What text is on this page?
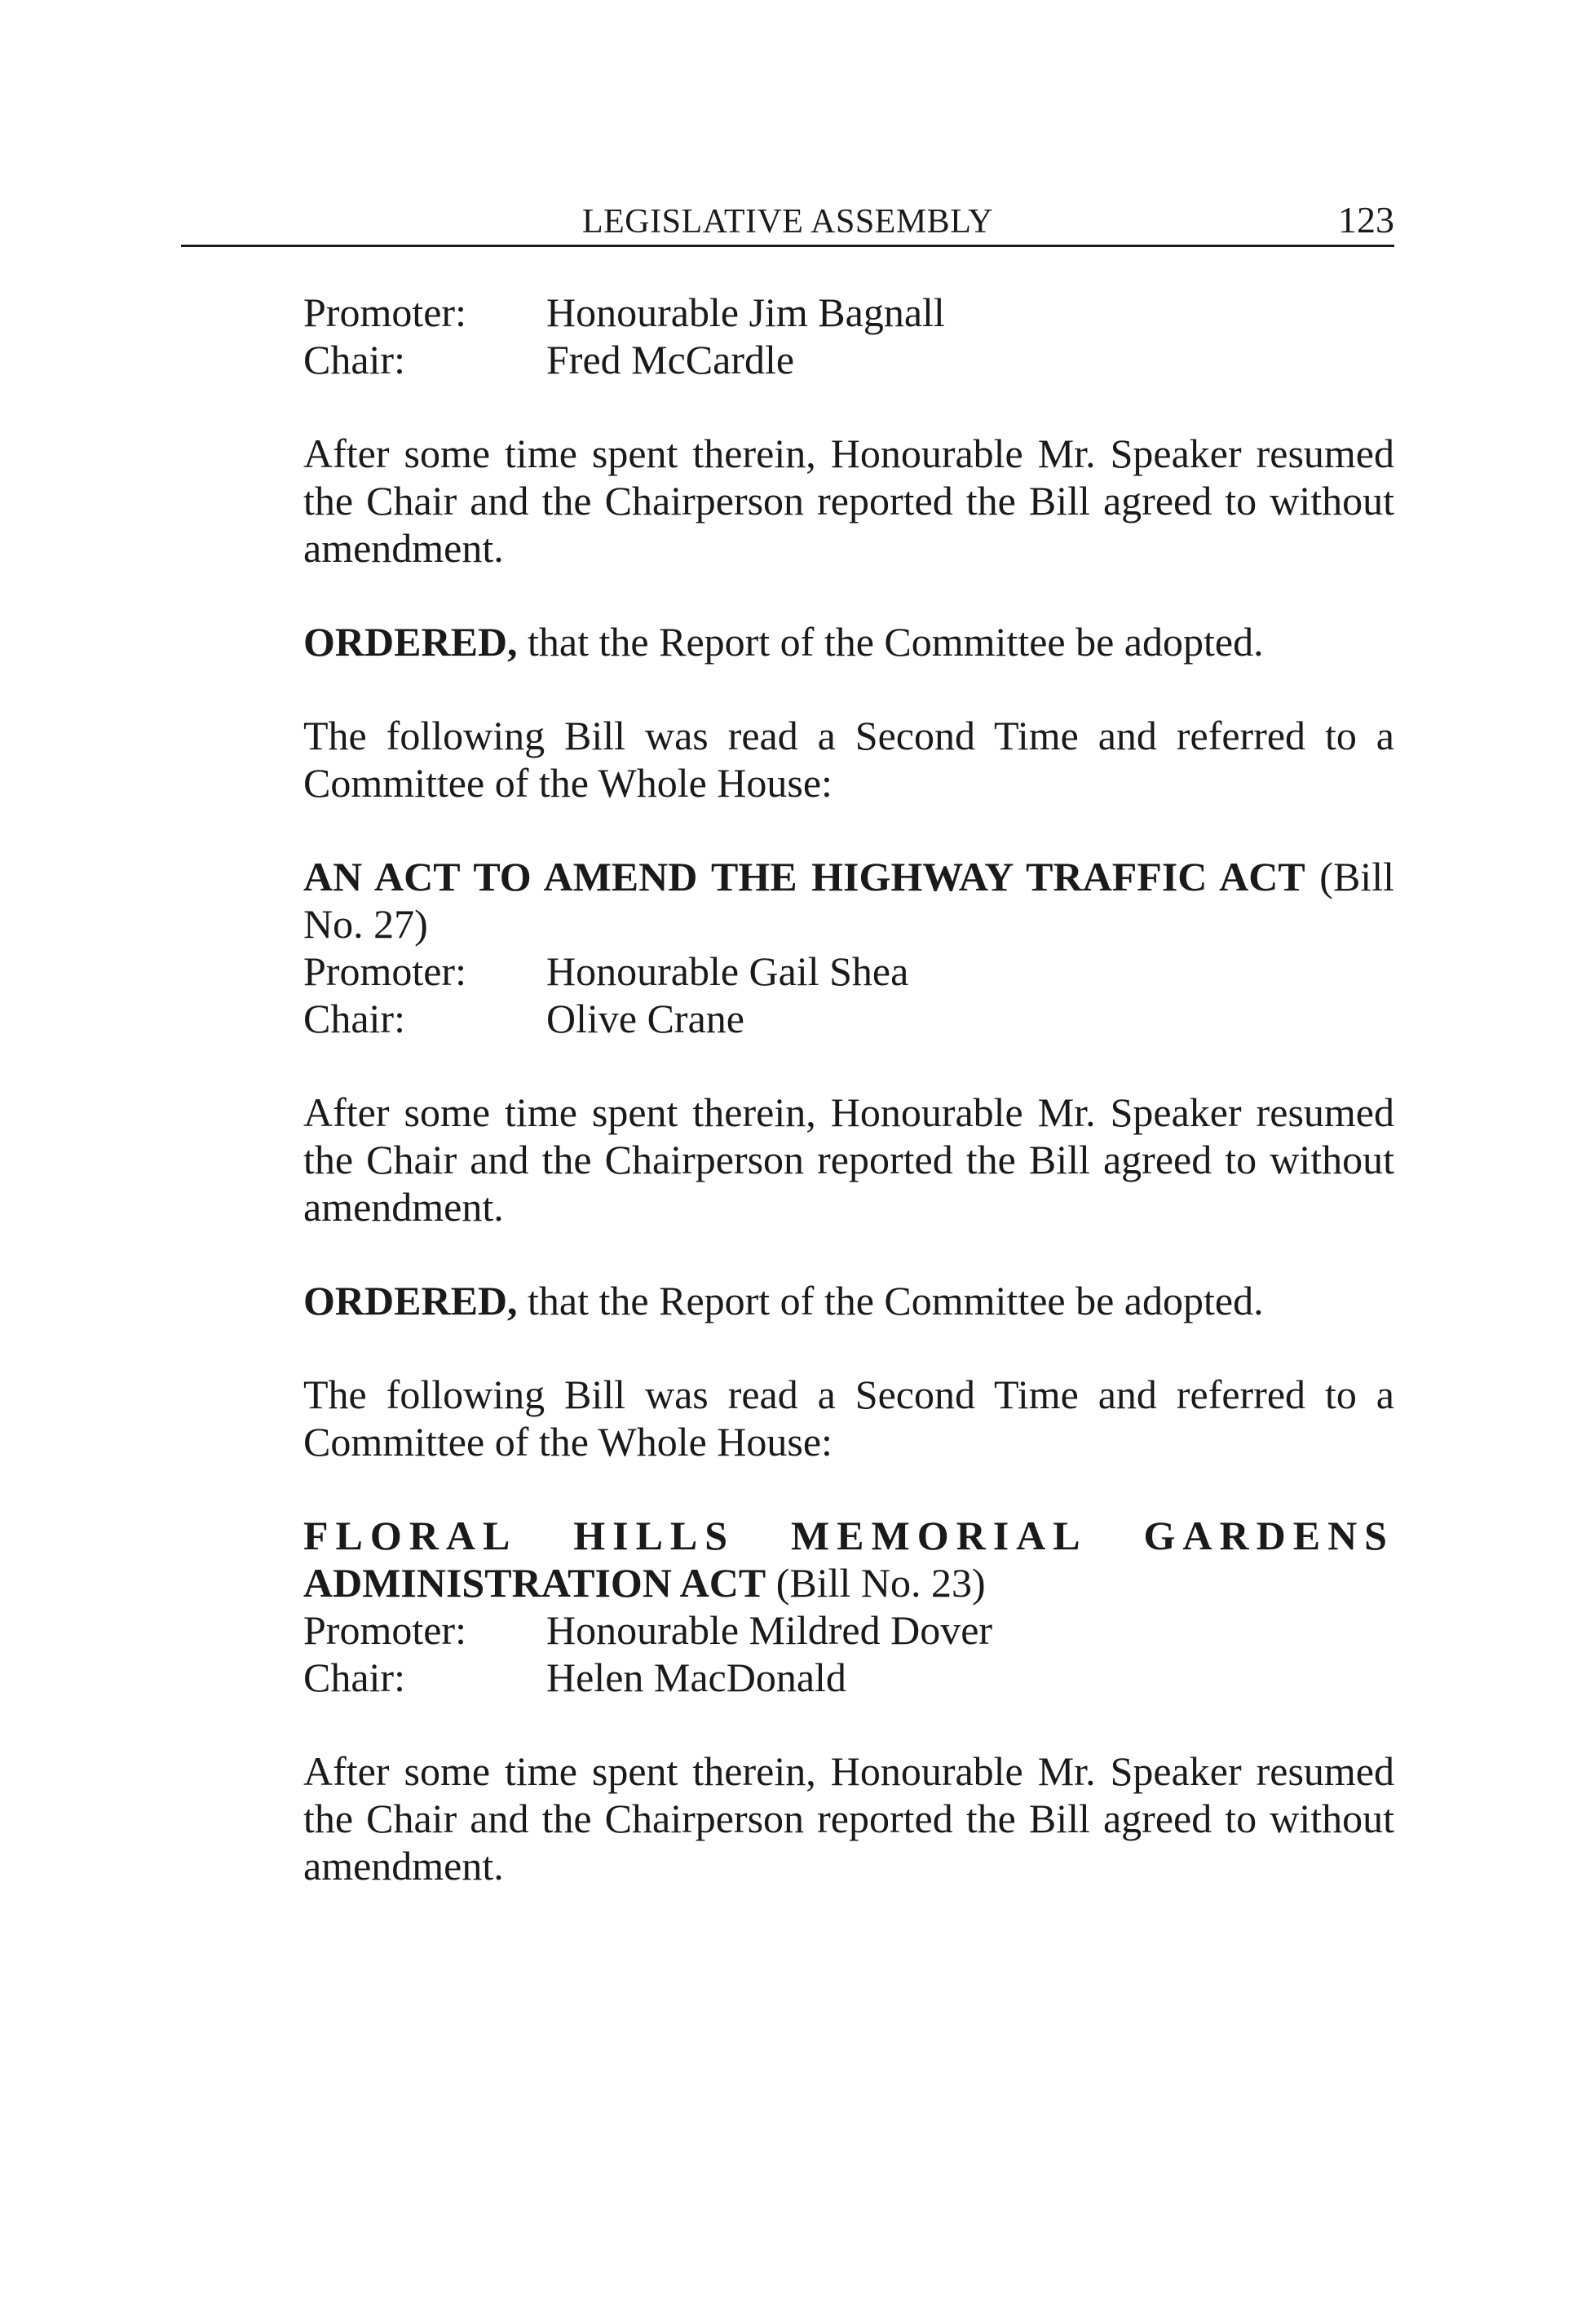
LEGISLATIVE ASSEMBLY	123
Promoter:	Honourable Jim Bagnall
Chair:	Fred McCardle
After some time spent therein, Honourable Mr. Speaker resumed the Chair and the Chairperson reported the Bill agreed to without amendment.
ORDERED, that the Report of the Committee be adopted.
The following Bill was read a Second Time and referred to a Committee of the Whole House:
AN ACT TO AMEND THE HIGHWAY TRAFFIC ACT (Bill No. 27)
Promoter:	Honourable Gail Shea
Chair:	Olive Crane
After some time spent therein, Honourable Mr. Speaker resumed the Chair and the Chairperson reported the Bill agreed to without amendment.
ORDERED, that the Report of the Committee be adopted.
The following Bill was read a Second Time and referred to a Committee of the Whole House:
FLORAL HILLS MEMORIAL GARDENS
ADMINISTRATION ACT (Bill No. 23)
Promoter:	Honourable Mildred Dover
Chair:	Helen MacDonald
After some time spent therein, Honourable Mr. Speaker resumed the Chair and the Chairperson reported the Bill agreed to without amendment.
